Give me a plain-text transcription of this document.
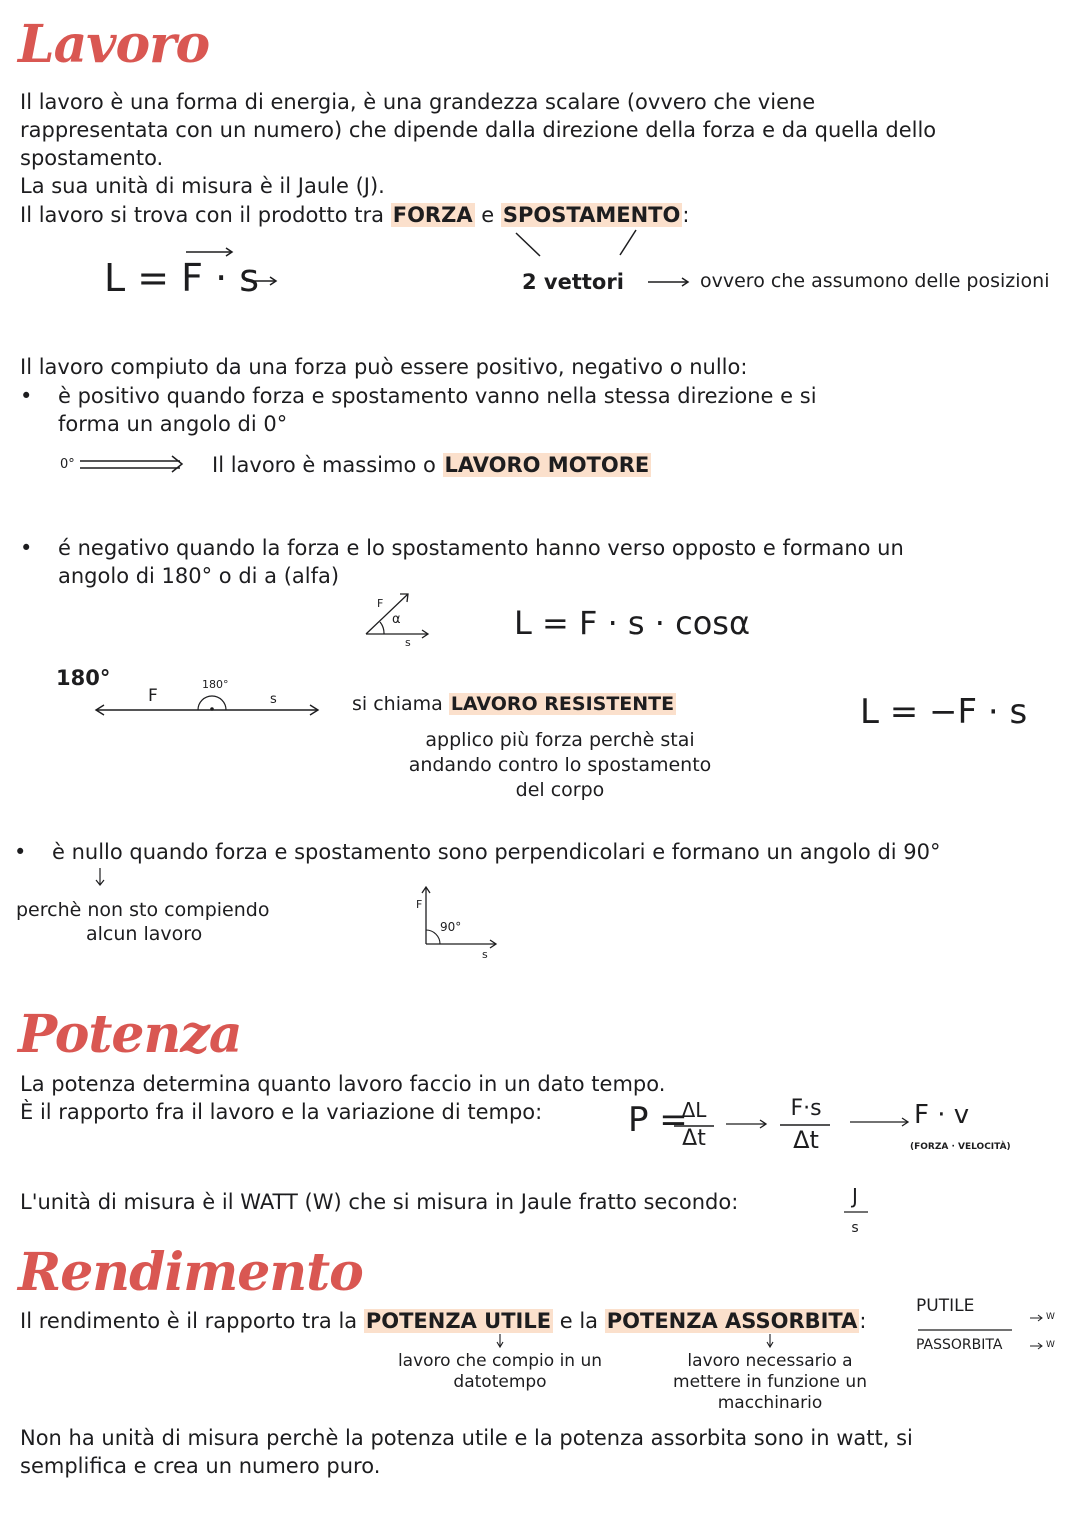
Lavoro
Il lavoro è una forma di energia, è una grandezza scalare (ovvero che viene
rappresentata con un numero) che dipende dalla direzione della forza e da quella dello
spostamento.
La sua unità di misura è il Jaule (J).
Il lavoro si trova con il prodotto tra FORZA e SPOSTAMENTO:
L = F · s	2 vettori	ovvero che assumono delle posizioni
Il lavoro compiuto da una forza può essere positivo, negativo o nullo:
• è positivo quando forza e spostamento vanno nella stessa direzione e si
forma un angolo di 0°
0°	Il lavoro è massimo o LAVORO MOTORE
• é negativo quando la forza e lo spostamento hanno verso opposto e formano un
angolo di 180° o di a (alfa)
F
α
s
L = F · s · cosα
180°
F
180°
s	si chiama LAVORO RESISTENTE
applico più forza perchè stai
andando contro lo spostamento
del corpo
L = −F · s
• è nullo quando forza e spostamento sono perpendicolari e formano un angolo di 90°
perchè non sto compiendo
alcun lavoro
F
90°
s
Potenza
La potenza determina quanto lavoro faccio in un dato tempo.
È il rapporto fra il lavoro e la variazione di tempo:	P =
ΔL
Δt
F·s
Δt
F · v
(FORZA · VELOCITÀ)
L'unità di misura è il WATT (W) che si misura in Jaule fratto secondo:	J
s
Rendimento
Il rendimento è il rapporto tra la POTENZA UTILE e la POTENZA ASSORBITA:
PUTILE
PASSORBITA
W
W
lavoro che compio in un
datotempo
lavoro necessario a
mettere in funzione un
macchinario
Non ha unità di misura perchè la potenza utile e la potenza assorbita sono in watt, si
semplifica e crea un numero puro.
